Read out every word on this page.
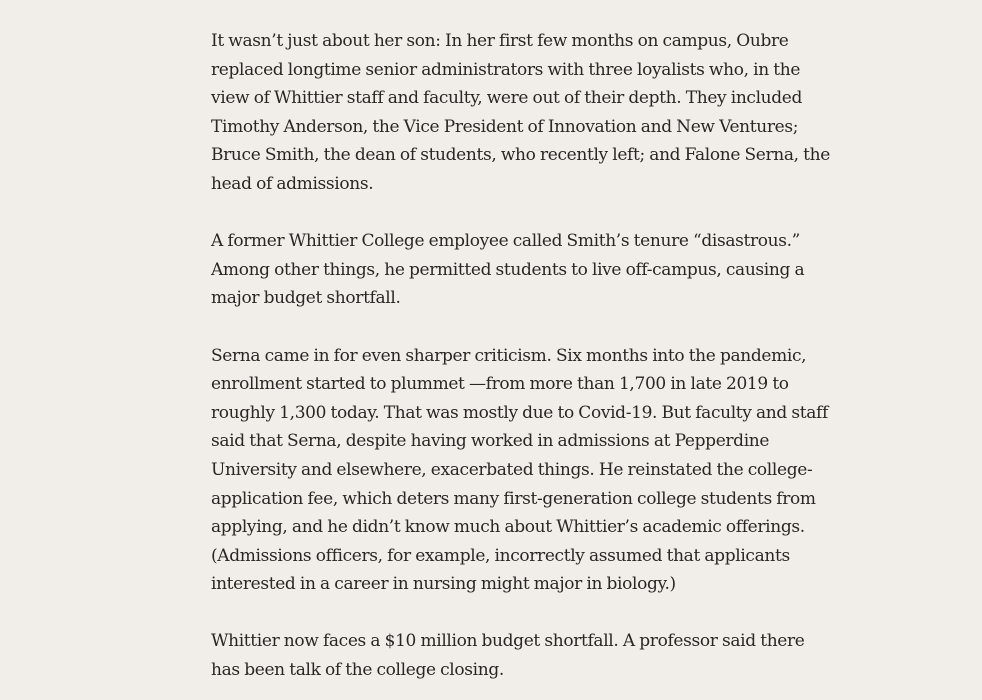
It wasn’t just about her son: In her first few months on campus, Oubre
replaced longtime senior administrators with three loyalists who, in the
view of Whittier staff and faculty, were out of their depth. They included
Timothy Anderson, the Vice President of Innovation and New Ventures;
Bruce Smith, the dean of students, who recently left; and Falone Serna, the
head of admissions.

A former Whittier College employee called Smith’s tenure “disastrous.”
Among other things, he permitted students to live off-campus, causing a
major budget shortfall.

Serna came in for even sharper criticism. Six months into the pandemic,
enrollment started to plummet —from more than 1,700 in late 2019 to
roughly 1,300 today. That was mostly due to Covid-19. But faculty and staff
said that Serna, despite having worked in admissions at Pepperdine
University and elsewhere, exacerbated things. He reinstated the college-
application fee, which deters many first-generation college students from
applying, and he didn’t know much about Whittier’s academic offerings.
(Admissions officers, for example, incorrectly assumed that applicants
interested in a career in nursing might major in biology.)

Whittier now faces a $10 million budget shortfall. A professor said there
has been talk of the college closing.
